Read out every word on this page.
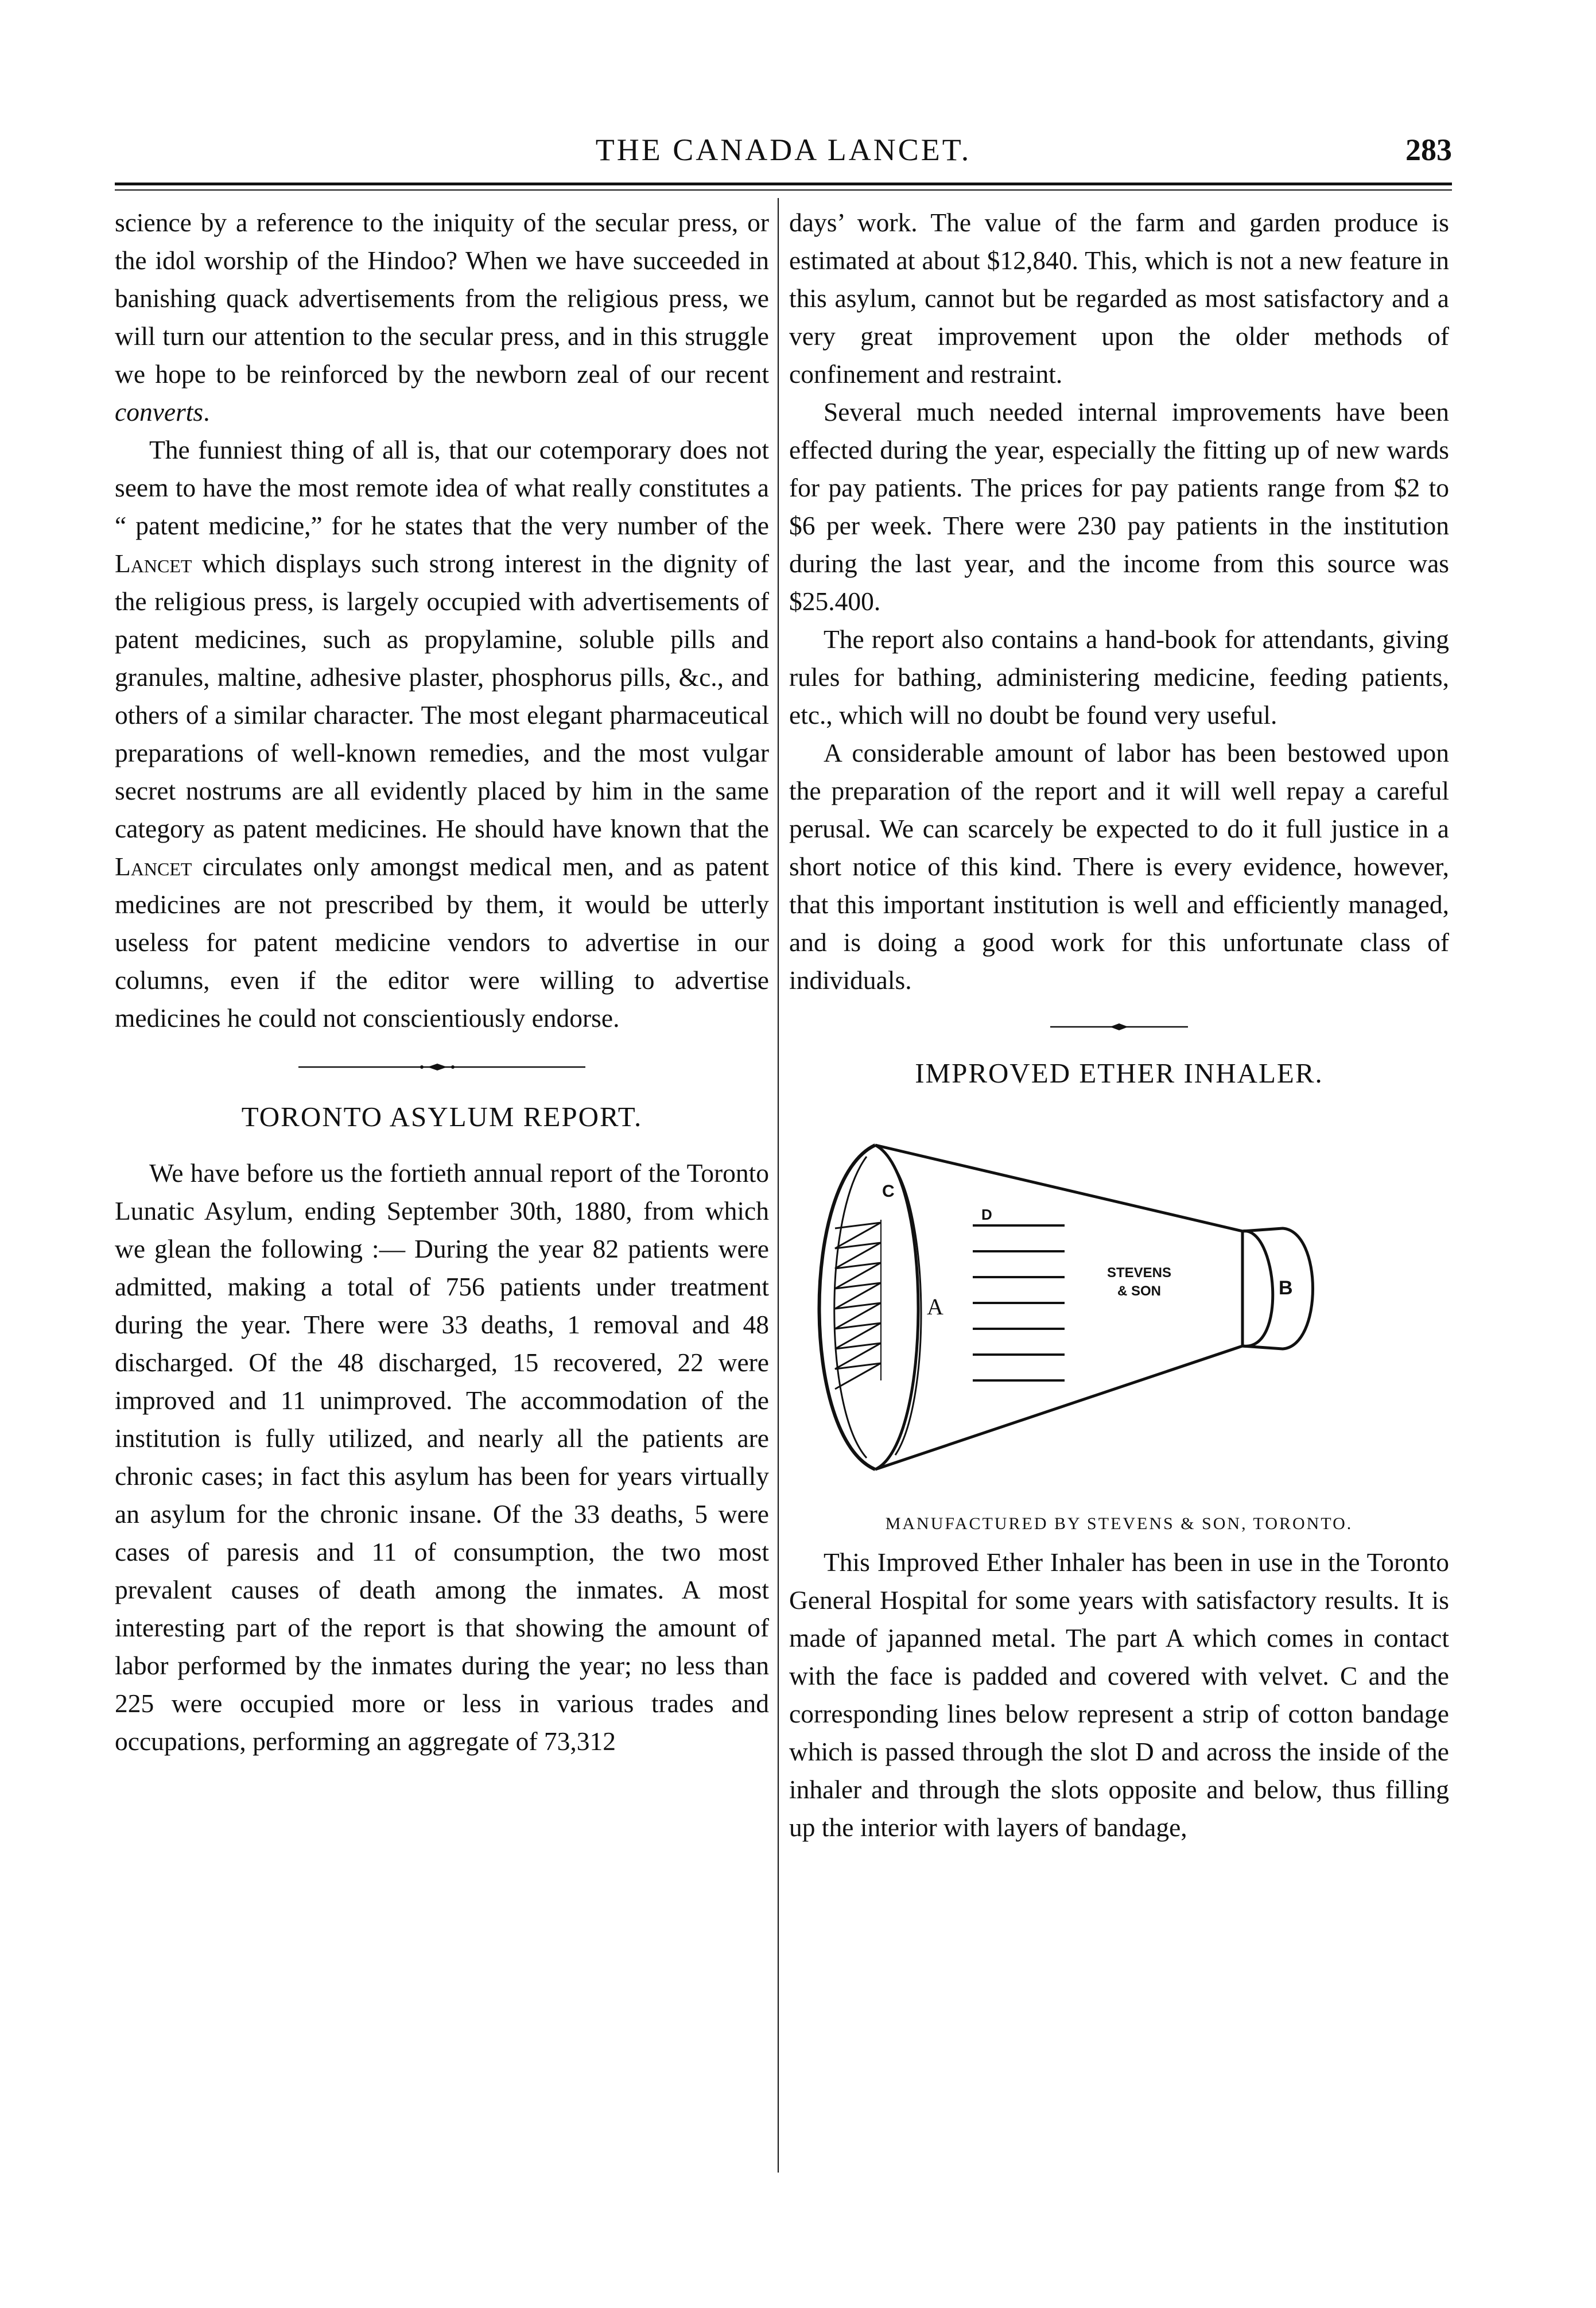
THE CANADA LANCET.	283

science by a reference to the iniquity of the secular press, or the idol worship of the Hindoo? When we have succeeded in banishing quack advertisements from the religious press, we will turn our attention to the secular press, and in this struggle we hope to be reinforced by the newborn zeal of our recent converts.

The funniest thing of all is, that our cotemporary does not seem to have the most remote idea of what really constitutes a “ patent medicine,” for he states that the very number of the Lancet which displays such strong interest in the dignity of the religious press, is largely occupied with advertisements of patent medicines, such as propylamine, soluble pills and granules, maltine, adhesive plaster, phosphorus pills, &c., and others of a similar character. The most elegant pharmaceutical preparations of well-known remedies, and the most vulgar secret nostrums are all evidently placed by him in the same category as patent medicines. He should have known that the Lancet circulates only amongst medical men, and as patent medicines are not prescribed by them, it would be utterly useless for patent medicine vendors to advertise in our columns, even if the editor were willing to advertise medicines he could not conscientiously endorse.

TORONTO ASYLUM REPORT.

We have before us the fortieth annual report of the Toronto Lunatic Asylum, ending September 30th, 1880, from which we glean the following :— During the year 82 patients were admitted, making a total of 756 patients under treatment during the year. There were 33 deaths, 1 removal and 48 discharged. Of the 48 discharged, 15 recovered, 22 were improved and 11 unimproved. The accommodation of the institution is fully utilized, and nearly all the patients are chronic cases; in fact this asylum has been for years virtually an asylum for the chronic insane. Of the 33 deaths, 5 were cases of paresis and 11 of consumption, the two most prevalent causes of death among the inmates. A most interesting part of the report is that showing the amount of labor performed by the inmates during the year; no less than 225 were occupied more or less in various trades and occupations, performing an aggregate of 73,312

days’ work. The value of the farm and garden produce is estimated at about $12,840. This, which is not a new feature in this asylum, cannot but be regarded as most satisfactory and a very great improvement upon the older methods of confinement and restraint.

Several much needed internal improvements have been effected during the year, especially the fitting up of new wards for pay patients. The prices for pay patients range from $2 to $6 per week. There were 230 pay patients in the institution during the last year, and the income from this source was $25.400.

The report also contains a hand-book for attendants, giving rules for bathing, administering medicine, feeding patients, etc., which will no doubt be found very useful.

A considerable amount of labor has been bestowed upon the preparation of the report and it will well repay a careful perusal. We can scarcely be expected to do it full justice in a short notice of this kind. There is every evidence, however, that this important institution is well and efficiently managed, and is doing a good work for this unfortunate class of individuals.

IMPROVED ETHER INHALER.
C
D
A
B
STEVENS
& SON
MANUFACTURED BY STEVENS & SON, TORONTO.

This Improved Ether Inhaler has been in use in the Toronto General Hospital for some years with satisfactory results. It is made of japanned metal. The part A which comes in contact with the face is padded and covered with velvet. C and the corresponding lines below represent a strip of cotton bandage which is passed through the slot D and across the inside of the inhaler and through the slots opposite and below, thus filling up the interior with layers of bandage,
